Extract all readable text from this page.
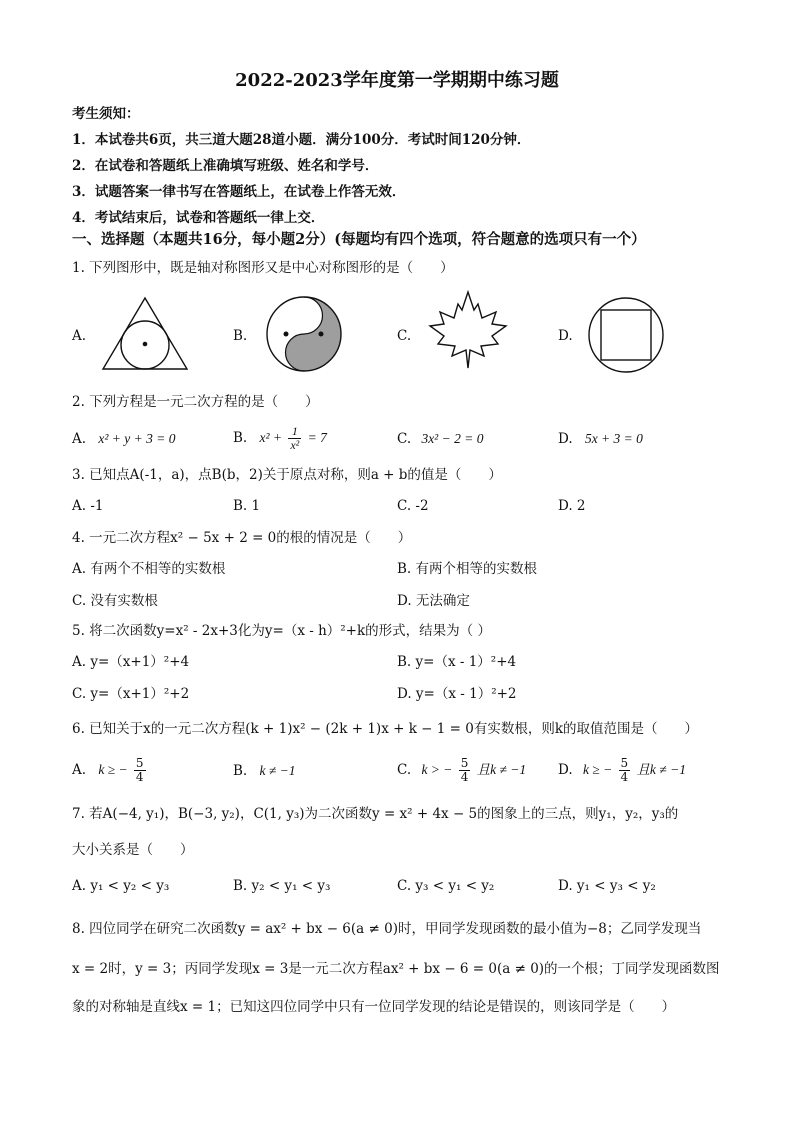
2022-2023学年度第一学期期中练习题
考生须知：
1．本试卷共6页，共三道大题28道小题．满分100分．考试时间120分钟．
2．在试卷和答题纸上准确填写班级、姓名和学号．
3．试题答案一律书写在答题纸上，在试卷上作答无效．
4．考试结束后，试卷和答题纸一律上交．
一、选择题（本题共16分，每小题2分）(每题均有四个选项，符合题意的选项只有一个）
1. 下列图形中，既是轴对称图形又是中心对称图形的是（　　）
A.	B.	C.	D.
2. 下列方程是一元二次方程的是（　　）
A. x² + y + 3 = 0	B. $x^2 + \frac{1}{\text{x²}} = 7$	C. 3x² − 2 = 0	D. 5x + 3 = 0
3. 已知点A(-1，a)，点B(b，2)关于原点对称，则a + b的值是（　　）
A. -1	B. 1	C. -2	D. 2
4. 一元二次方程x² − 5x + 2 = 0的根的情况是（　　）
A. 有两个不相等的实数根	B. 有两个相等的实数根
C. 没有实数根	D. 无法确定
5. 将二次函数y=x² - 2x+3化为y=（x - h）²+k的形式，结果为（ ）
A. y=（x+1）²+4	B. y=（x - 1）²+4
C. y=（x+1）²+2	D. y=（x - 1）²+2
6. 已知关于x的一元二次方程(k + 1)x² − (2k + 1)x + k − 1 = 0有实数根，则k的取值范围是（　　）
A. k ≥ − $\frac{5}{4}$	B. k ≠ −1	C. k > − $\frac{5}{4}$ 且k ≠ −1 D. k ≥ − $\frac{5}{4}$ 且k ≠ −1
7. 若A(−4, y₁)，B(−3, y₂)，C(1, y₃)为二次函数y = x² + 4x − 5的图象上的三点，则y₁，y₂，y₃的
大小关系是（　　）
A. y₁ < y₂ < y₃	B. y₂ < y₁ < y₃	C. y₃ < y₁ < y₂	D. y₁ < y₃ < y₂
8. 四位同学在研究二次函数y = ax² + bx − 6(a ≠ 0)时，甲同学发现函数的最小值为−8；乙同学发现当
x = 2时，y = 3；丙同学发现x = 3是一元二次方程ax² + bx − 6 = 0(a ≠ 0)的一个根；丁同学发现函数图
象的对称轴是直线x = 1；已知这四位同学中只有一位同学发现的结论是错误的，则该同学是（　　）
